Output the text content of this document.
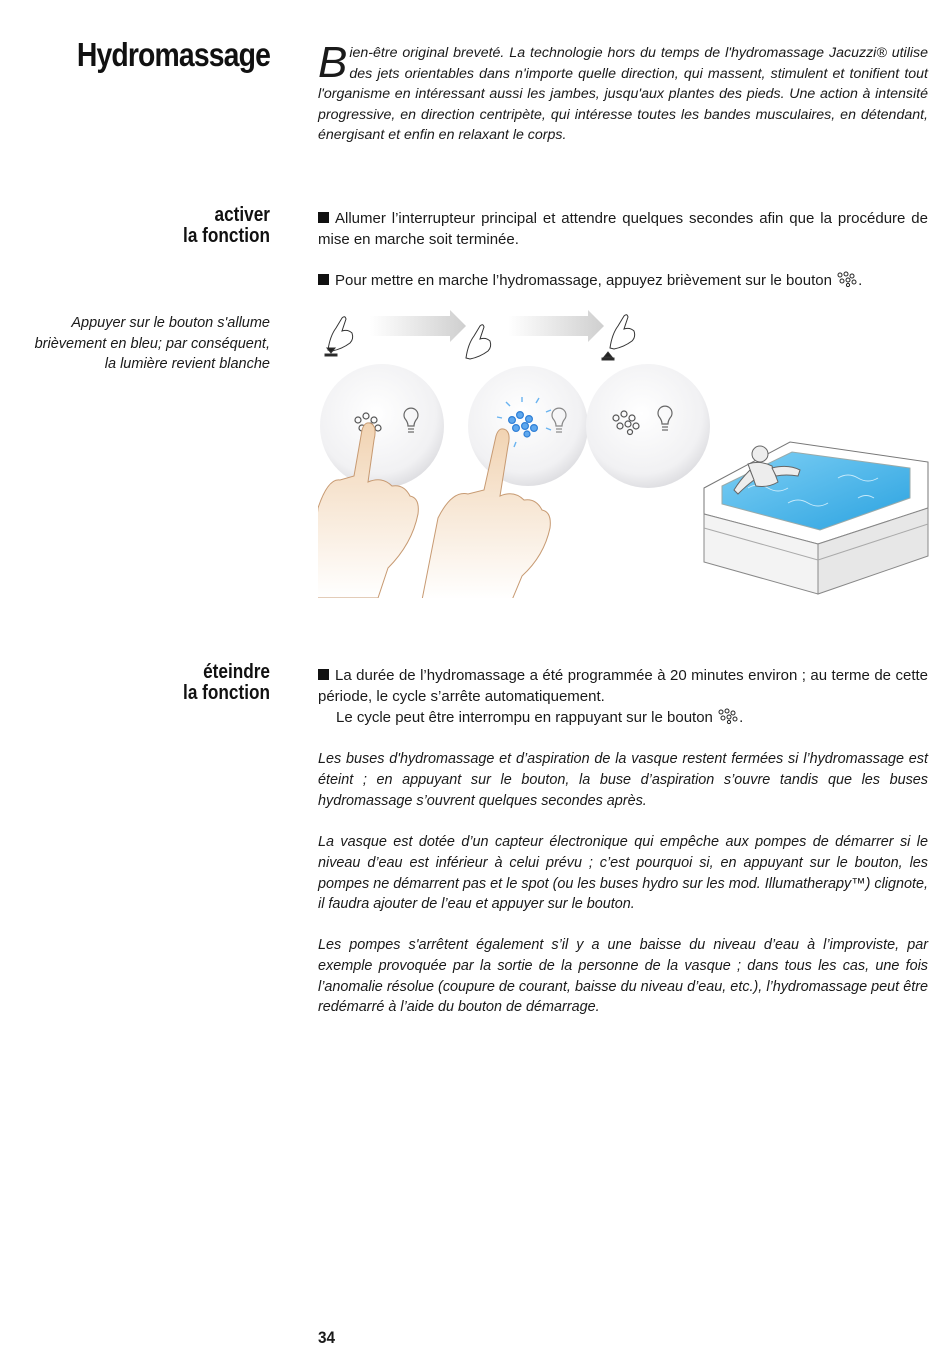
Hydromassage Bien-être original breveté. La technologie hors du temps de l'hydromassage Jacuzzi® utilise des jets orientables dans n'importe quelle direction, qui massent, stimulent et tonifient tout l'organisme en intéressant aussi les jambes, jusqu'aux plantes des pieds. Une action à intensité progressive, en direction centripète, qui intéresse toutes les bandes musculaires, en détendant, énergisant et enfin en relaxant le corps.
activer
la fonction
Allumer l’interrupteur principal et attendre quelques secondes afin que la procédure de mise en marche soit terminée.
Pour mettre en marche l’hydromassage, appuyez brièvement sur le bouton .
Appuyer sur le bouton s'allume brièvement en bleu; par conséquent, la lumière revient blanche
éteindre
la fonction
La durée de l’hydromassage a été programmée à 20 minutes environ ; au terme de cette période, le cycle s’arrête automatiquement.
Le cycle peut être interrompu en rappuyant sur le bouton .
Les buses d'hydromassage et d’aspiration de la vasque restent fermées si l’hydromassage est éteint ; en appuyant sur le bouton, la buse d’aspiration s’ouvre tandis que les buses hydromassage s’ouvrent quelques secondes après.
La vasque est dotée d’un capteur électronique qui empêche aux pompes de démarrer si le niveau d’eau est inférieur à celui prévu ; c’est pourquoi si, en appuyant sur le bouton, les pompes ne démarrent pas et le spot (ou les buses hydro sur les mod. Illumatherapy™) clignote, il faudra ajouter de l’eau et appuyer sur le bouton.
Les pompes s'arrêtent également s’il y a une baisse du niveau d’eau à l’improviste, par exemple provoquée par la sortie de la personne de la vasque ; dans tous les cas, une fois l’anomalie résolue (coupure de courant, baisse du niveau d’eau, etc.), l’hydromassage peut être redémarré à l’aide du bouton de démarrage.
34
